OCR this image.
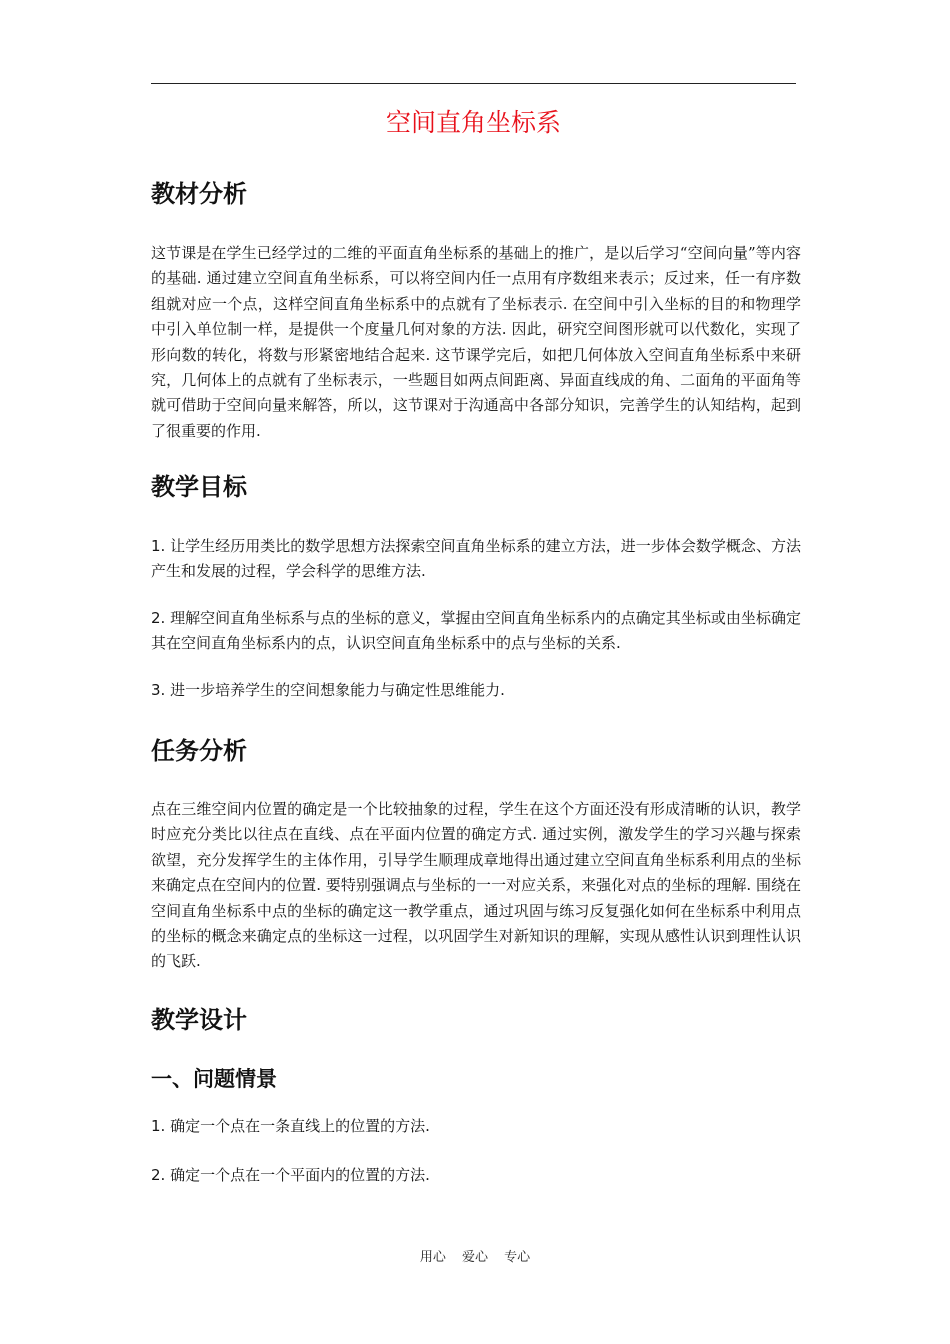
空间直角坐标系
教材分析

这节课是在学生已经学过的二维的平面直角坐标系的基础上的推广，是以后学习“空间向量”等内容的基础. 通过建立空间直角坐标系，可以将空间内任一点用有序数组来表示；反过来，任一有序数组就对应一个点，这样空间直角坐标系中的点就有了坐标表示. 在空间中引入坐标的目的和物理学中引入单位制一样，是提供一个度量几何对象的方法. 因此，研究空间图形就可以代数化，实现了形向数的转化，将数与形紧密地结合起来. 这节课学完后，如把几何体放入空间直角坐标系中来研究，几何体上的点就有了坐标表示，一些题目如两点间距离、异面直线成的角、二面角的平面角等就可借助于空间向量来解答，所以，这节课对于沟通高中各部分知识，完善学生的认知结构，起到了很重要的作用.

教学目标

1. 让学生经历用类比的数学思想方法探索空间直角坐标系的建立方法，进一步体会数学概念、方法产生和发展的过程，学会科学的思维方法.

2. 理解空间直角坐标系与点的坐标的意义，掌握由空间直角坐标系内的点确定其坐标或由坐标确定其在空间直角坐标系内的点，认识空间直角坐标系中的点与坐标的关系.

3. 进一步培养学生的空间想象能力与确定性思维能力.

任务分析

点在三维空间内位置的确定是一个比较抽象的过程，学生在这个方面还没有形成清晰的认识，教学时应充分类比以往点在直线、点在平面内位置的确定方式. 通过实例，激发学生的学习兴趣与探索欲望，充分发挥学生的主体作用，引导学生顺理成章地得出通过建立空间直角坐标系利用点的坐标来确定点在空间内的位置. 要特别强调点与坐标的一一对应关系，来强化对点的坐标的理解. 围绕在空间直角坐标系中点的坐标的确定这一教学重点，通过巩固与练习反复强化如何在坐标系中利用点的坐标的概念来确定点的坐标这一过程，以巩固学生对新知识的理解，实现从感性认识到理性认识的飞跃.

教学设计
一、问题情景

1. 确定一个点在一条直线上的位置的方法.

2. 确定一个点在一个平面内的位置的方法.

用心 爱心 专心
